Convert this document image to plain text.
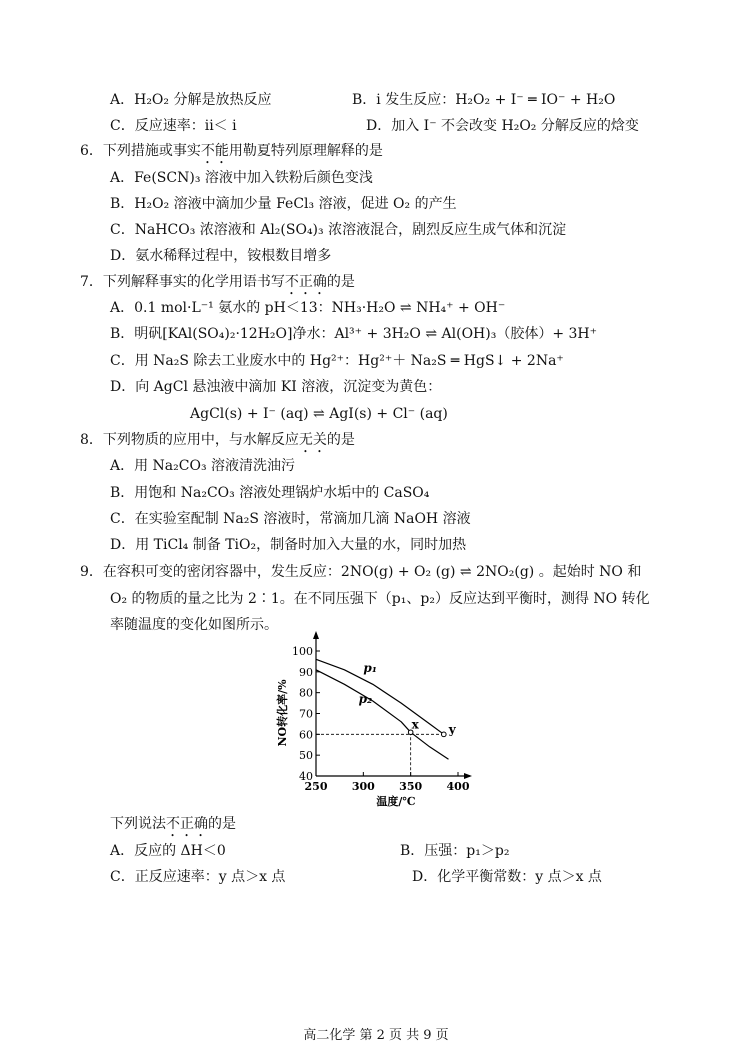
A．H₂O₂ 分解是放热反应	B．i 发生反应：H₂O₂ + I⁻ ═ IO⁻ + H₂O
C．反应速率：ii＜ i	D．加入 I⁻ 不会改变 H₂O₂ 分解反应的焓变
6．下列措施或事实不能用勒夏特列原理解释的是
A．Fe(SCN)₃ 溶液中加入铁粉后颜色变浅
B．H₂O₂ 溶液中滴加少量 FeCl₃ 溶液，促进 O₂ 的产生
C．NaHCO₃ 浓溶液和 Al₂(SO₄)₃ 浓溶液混合，剧烈反应生成气体和沉淀
D．氨水稀释过程中，铵根数目增多
7．下列解释事实的化学用语书写不正确的是
A．0.1 mol·L⁻¹ 氨水的 pH＜13：NH₃·H₂O ⇌ NH₄⁺ + OH⁻
B．明矾[KAl(SO₄)₂·12H₂O]净水：Al³⁺ + 3H₂O ⇌ Al(OH)₃（胶体）+ 3H⁺
C．用 Na₂S 除去工业废水中的 Hg²⁺：Hg²⁺＋ Na₂S ═ HgS↓ + 2Na⁺
D．向 AgCl 悬浊液中滴加 KI 溶液，沉淀变为黄色：
AgCl(s) + I⁻ (aq) ⇌ AgI(s) + Cl⁻ (aq)
8．下列物质的应用中，与水解反应无关的是
A．用 Na₂CO₃ 溶液清洗油污
B．用饱和 Na₂CO₃ 溶液处理锅炉水垢中的 CaSO₄
C．在实验室配制 Na₂S 溶液时，常滴加几滴 NaOH 溶液
D．用 TiCl₄ 制备 TiO₂，制备时加入大量的水，同时加热
9．在容积可变的密闭容器中，发生反应：2NO(g) + O₂ (g) ⇌ 2NO₂(g) 。起始时 NO 和
O₂ 的物质的量之比为 2∶1。在不同压强下（p₁、p₂）反应达到平衡时，测得 NO 转化
率随温度的变化如图所示。
40
50
60
70
80
90
100
250 300 350 400
温度/℃
NO转化率/%
p₁
p₂
x y
下列说法不正确的是
A．反应的 ΔH＜0	B．压强：p₁＞p₂
C．正反应速率：y 点＞x 点	D．化学平衡常数：y 点＞x 点
高二化学 第 2 页 共 9 页
